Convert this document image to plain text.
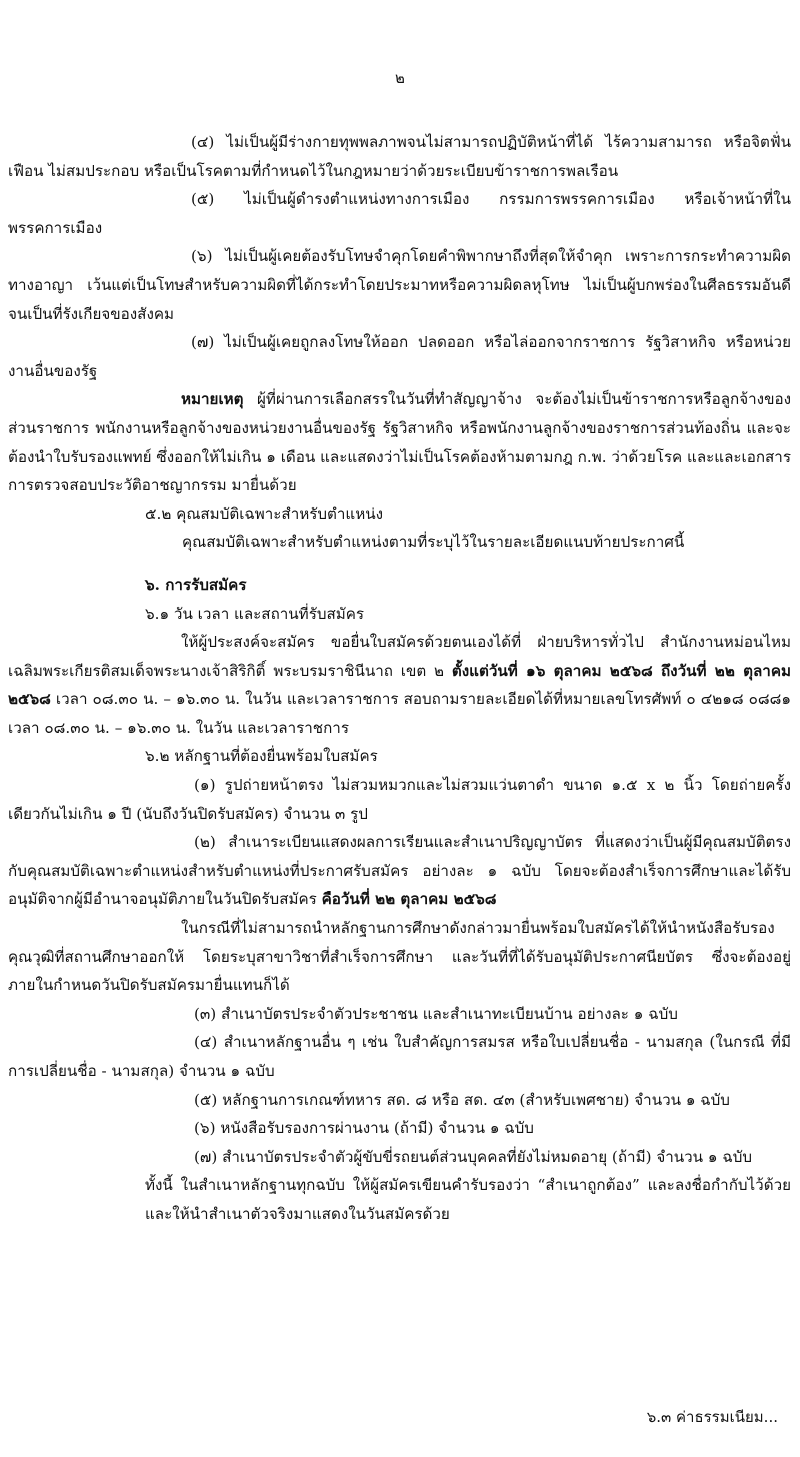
๒

(๔) ไม่เป็นผู้มีร่างกายทุพพลภาพจนไม่สามารถปฏิบัติหน้าที่ได้ ไร้ความสามารถ หรือจิตฟั่นเฟือน ไม่สมประกอบ หรือเป็นโรคตามที่กำหนดไว้ในกฎหมายว่าด้วยระเบียบข้าราชการพลเรือน

(๕) ไม่เป็นผู้ดำรงตำแหน่งทางการเมือง กรรมการพรรคการเมือง หรือเจ้าหน้าที่ในพรรคการเมือง

(๖) ไม่เป็นผู้เคยต้องรับโทษจำคุกโดยคำพิพากษาถึงที่สุดให้จำคุก เพราะการกระทำความผิดทางอาญา เว้นแต่เป็นโทษสำหรับความผิดที่ได้กระทำโดยประมาทหรือความผิดลหุโทษ ไม่เป็นผู้บกพร่องในศีลธรรมอันดีจนเป็นที่รังเกียจของสังคม

(๗) ไม่เป็นผู้เคยถูกลงโทษให้ออก ปลดออก หรือไล่ออกจากราชการ รัฐวิสาหกิจ หรือหน่วยงานอื่นของรัฐ

หมายเหตุ ผู้ที่ผ่านการเลือกสรรในวันที่ทำสัญญาจ้าง จะต้องไม่เป็นข้าราชการหรือลูกจ้างของส่วนราชการ พนักงานหรือลูกจ้างของหน่วยงานอื่นของรัฐ รัฐวิสาหกิจ หรือพนักงานลูกจ้างของราชการส่วนท้องถิ่น และจะต้องนำใบรับรองแพทย์ ซึ่งออกให้ไม่เกิน ๑ เดือน และแสดงว่าไม่เป็นโรคต้องห้ามตามกฎ ก.พ. ว่าด้วยโรค และและเอกสารการตรวจสอบประวัติอาชญากรรม มายื่นด้วย

๕.๒ คุณสมบัติเฉพาะสำหรับตำแหน่ง

คุณสมบัติเฉพาะสำหรับตำแหน่งตามที่ระบุไว้ในรายละเอียดแนบท้ายประกาศนี้

๖. การรับสมัคร

๖.๑ วัน เวลา และสถานที่รับสมัคร

ให้ผู้ประสงค์จะสมัคร ขอยื่นใบสมัครด้วยตนเองได้ที่ ฝ่ายบริหารทั่วไป สำนักงานหม่อนไหมเฉลิมพระเกียรติสมเด็จพระนางเจ้าสิริกิติ์ พระบรมราชินีนาถ เขต ๒ ตั้งแต่วันที่ ๑๖ ตุลาคม ๒๕๖๘ ถึงวันที่ ๒๒ ตุลาคม ๒๕๖๘ เวลา ๐๘.๓๐ น. – ๑๖.๓๐ น. ในวัน และเวลาราชการ สอบถามรายละเอียดได้ที่หมายเลขโทรศัพท์ ๐ ๔๒๑๘ ๐๘๘๑ เวลา ๐๘.๓๐ น. – ๑๖.๓๐ น. ในวัน และเวลาราชการ

๖.๒ หลักฐานที่ต้องยื่นพร้อมใบสมัคร

(๑) รูปถ่ายหน้าตรง ไม่สวมหมวกและไม่สวมแว่นตาดำ ขนาด ๑.๕ x ๒ นิ้ว โดยถ่ายครั้งเดียวกันไม่เกิน ๑ ปี (นับถึงวันปิดรับสมัคร) จำนวน ๓ รูป

(๒) สำเนาระเบียนแสดงผลการเรียนและสำเนาปริญญาบัตร ที่แสดงว่าเป็นผู้มีคุณสมบัติตรงกับคุณสมบัติเฉพาะตำแหน่งสำหรับตำแหน่งที่ประกาศรับสมัคร อย่างละ ๑ ฉบับ โดยจะต้องสำเร็จการศึกษาและได้รับอนุมัติจากผู้มีอำนาจอนุมัติภายในวันปิดรับสมัคร คือวันที่ ๒๒ ตุลาคม ๒๕๖๘

ในกรณีที่ไม่สามารถนำหลักฐานการศึกษาดังกล่าวมายื่นพร้อมใบสมัครได้ให้นำหนังสือรับรองคุณวุฒิที่สถานศึกษาออกให้ โดยระบุสาขาวิชาที่สำเร็จการศึกษา และวันที่ที่ได้รับอนุมัติประกาศนียบัตร ซึ่งจะต้องอยู่ภายในกำหนดวันปิดรับสมัครมายื่นแทนก็ได้

(๓) สำเนาบัตรประจำตัวประชาชน และสำเนาทะเบียนบ้าน อย่างละ ๑ ฉบับ

(๔) สำเนาหลักฐานอื่น ๆ เช่น ใบสำคัญการสมรส หรือใบเปลี่ยนชื่อ - นามสกุล (ในกรณี ที่มีการเปลี่ยนชื่อ - นามสกุล) จำนวน ๑ ฉบับ

(๕) หลักฐานการเกณฑ์ทหาร สด. ๘ หรือ สด. ๔๓ (สำหรับเพศชาย) จำนวน ๑ ฉบับ

(๖) หนังสือรับรองการผ่านงาน (ถ้ามี) จำนวน ๑ ฉบับ

(๗) สำเนาบัตรประจำตัวผู้ขับขี่รถยนต์ส่วนบุคคลที่ยังไม่หมดอายุ (ถ้ามี) จำนวน ๑ ฉบับ

ทั้งนี้ ในสำเนาหลักฐานทุกฉบับ ให้ผู้สมัครเขียนคำรับรองว่า “สำเนาถูกต้อง” และลงชื่อกำกับไว้ด้วย และให้นำสำเนาตัวจริงมาแสดงในวันสมัครด้วย

๖.๓ ค่าธรรมเนียม...
